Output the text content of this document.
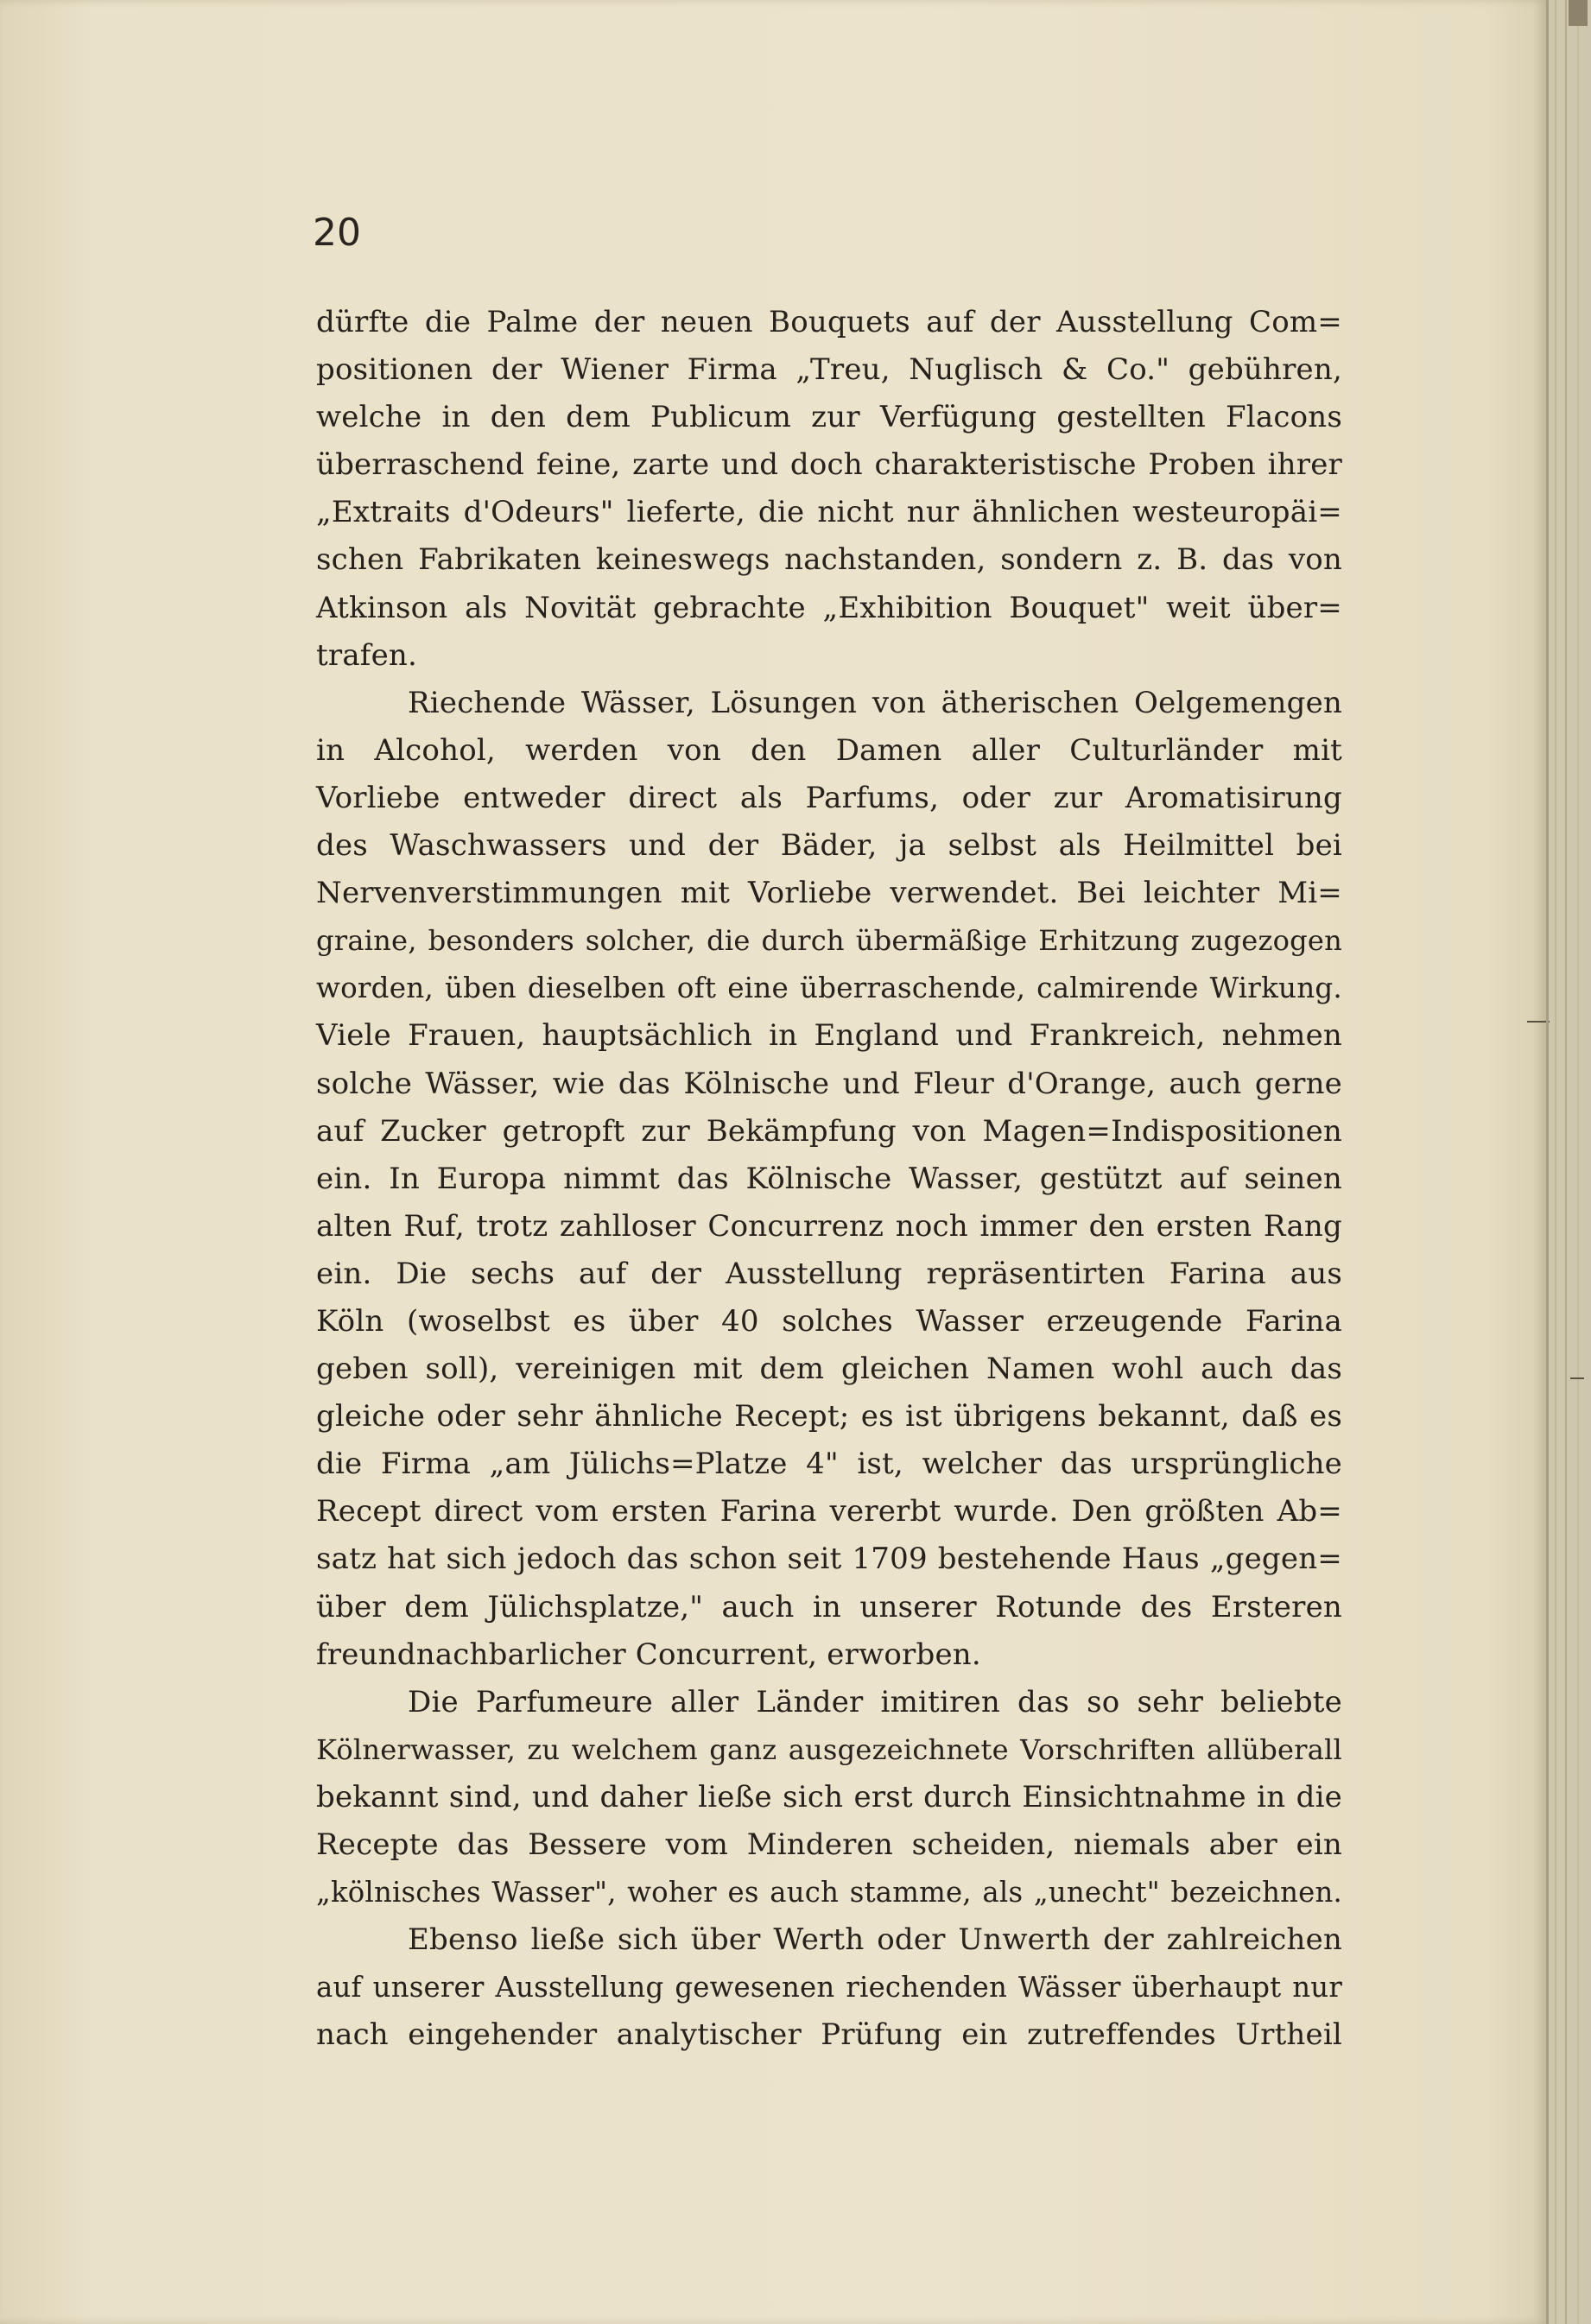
20

dürfte die Palme der neuen Bouquets auf der Ausstellung Com=
positionen der Wiener Firma „Treu, Nuglisch & Co." gebühren,
welche in den dem Publicum zur Verfügung gestellten Flacons
überraschend feine, zarte und doch charakteristische Proben ihrer
„Extraits d'Odeurs" lieferte, die nicht nur ähnlichen westeuropäi=
schen Fabrikaten keineswegs nachstanden, sondern z. B. das von
Atkinson als Novität gebrachte „Exhibition Bouquet" weit über=
trafen.

Riechende Wässer, Lösungen von ätherischen Oelgemengen
in Alcohol, werden von den Damen aller Culturländer mit
Vorliebe entweder direct als Parfums, oder zur Aromatisirung
des Waschwassers und der Bäder, ja selbst als Heilmittel bei
Nervenverstimmungen mit Vorliebe verwendet. Bei leichter Mi=
graine, besonders solcher, die durch übermäßige Erhitzung zugezogen
worden, üben dieselben oft eine überraschende, calmirende Wirkung.
Viele Frauen, hauptsächlich in England und Frankreich, nehmen
solche Wässer, wie das Kölnische und Fleur d'Orange, auch gerne
auf Zucker getropft zur Bekämpfung von Magen=Indispositionen
ein. In Europa nimmt das Kölnische Wasser, gestützt auf seinen
alten Ruf, trotz zahlloser Concurrenz noch immer den ersten Rang
ein. Die sechs auf der Ausstellung repräsentirten Farina aus
Köln (woselbst es über 40 solches Wasser erzeugende Farina
geben soll), vereinigen mit dem gleichen Namen wohl auch das
gleiche oder sehr ähnliche Recept; es ist übrigens bekannt, daß es
die Firma „am Jülichs=Platze 4" ist, welcher das ursprüngliche
Recept direct vom ersten Farina vererbt wurde. Den größten Ab=
satz hat sich jedoch das schon seit 1709 bestehende Haus „gegen=
über dem Jülichsplatze," auch in unserer Rotunde des Ersteren
freundnachbarlicher Concurrent, erworben.

Die Parfumeure aller Länder imitiren das so sehr beliebte
Kölnerwasser, zu welchem ganz ausgezeichnete Vorschriften allüberall
bekannt sind, und daher ließe sich erst durch Einsichtnahme in die
Recepte das Bessere vom Minderen scheiden, niemals aber ein
„kölnisches Wasser", woher es auch stamme, als „unecht" bezeichnen.

Ebenso ließe sich über Werth oder Unwerth der zahlreichen
auf unserer Ausstellung gewesenen riechenden Wässer überhaupt nur
nach eingehender analytischer Prüfung ein zutreffendes Urtheil
